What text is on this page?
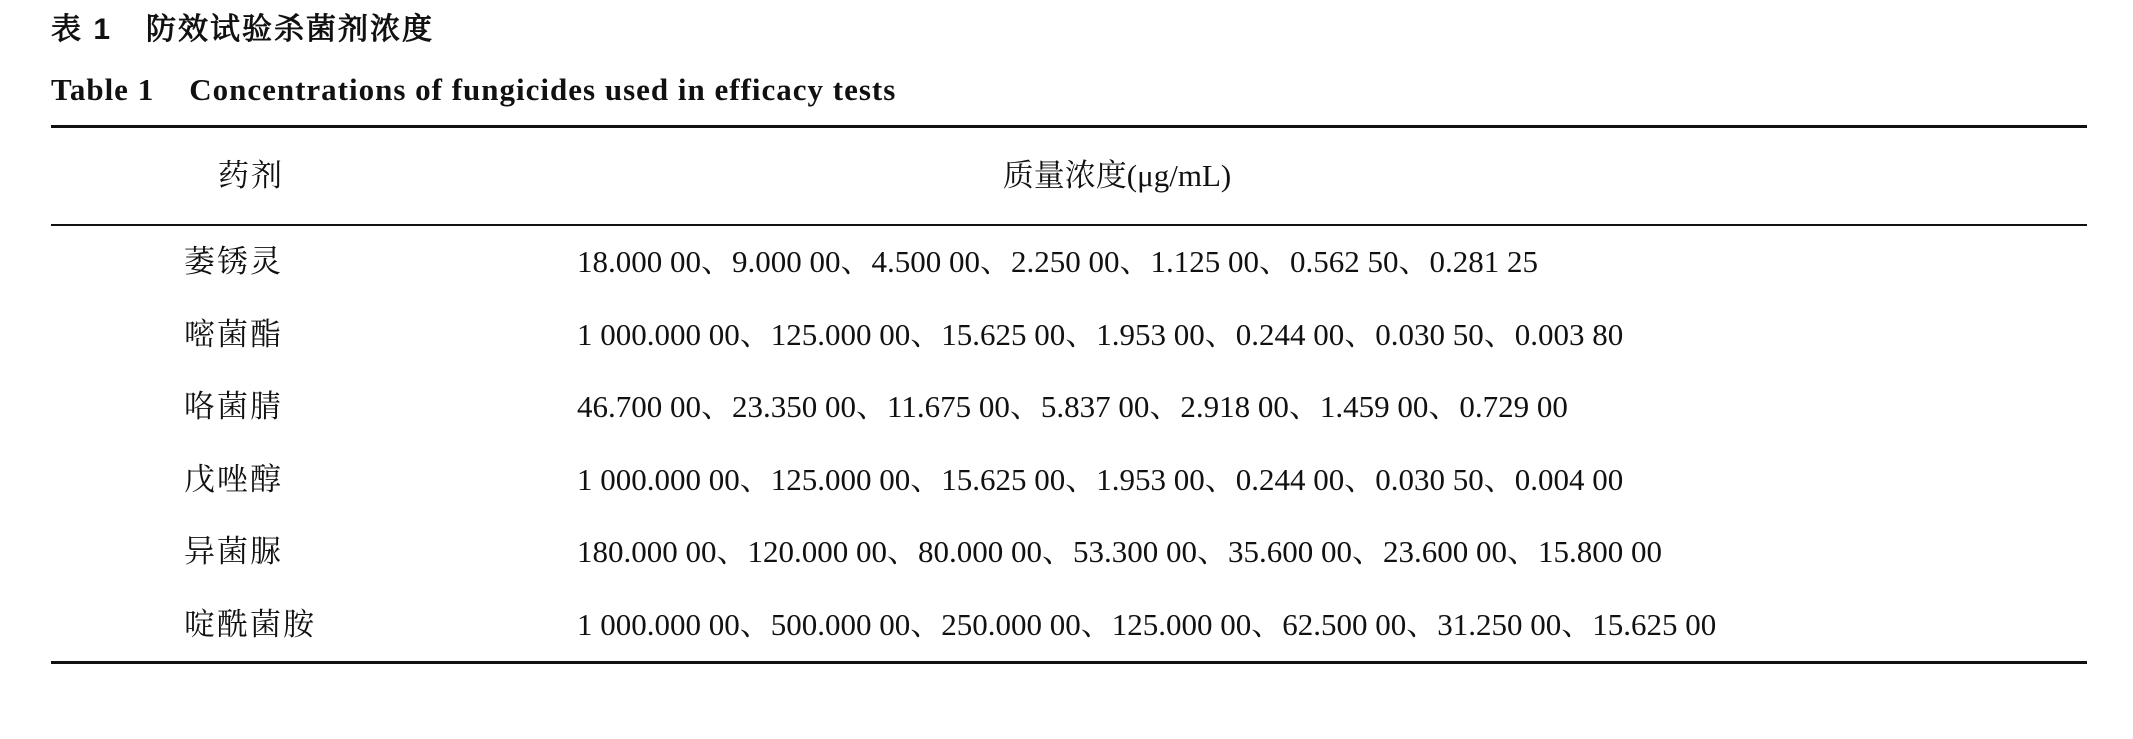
表 1 防效试验杀菌剂浓度
Table 1 Concentrations of fungicides used in efficacy tests
药剂	质量浓度(μg/mL)
萎锈灵	18.000 00、9.000 00、4.500 00、2.250 00、1.125 00、0.562 50、0.281 25
嘧菌酯	1 000.000 00、125.000 00、15.625 00、1.953 00、0.244 00、0.030 50、0.003 80
咯菌腈	46.700 00、23.350 00、11.675 00、5.837 00、2.918 00、1.459 00、0.729 00
戊唑醇	1 000.000 00、125.000 00、15.625 00、1.953 00、0.244 00、0.030 50、0.004 00
异菌脲	180.000 00、120.000 00、80.000 00、53.300 00、35.600 00、23.600 00、15.800 00
啶酰菌胺	1 000.000 00、500.000 00、250.000 00、125.000 00、62.500 00、31.250 00、15.625 00
